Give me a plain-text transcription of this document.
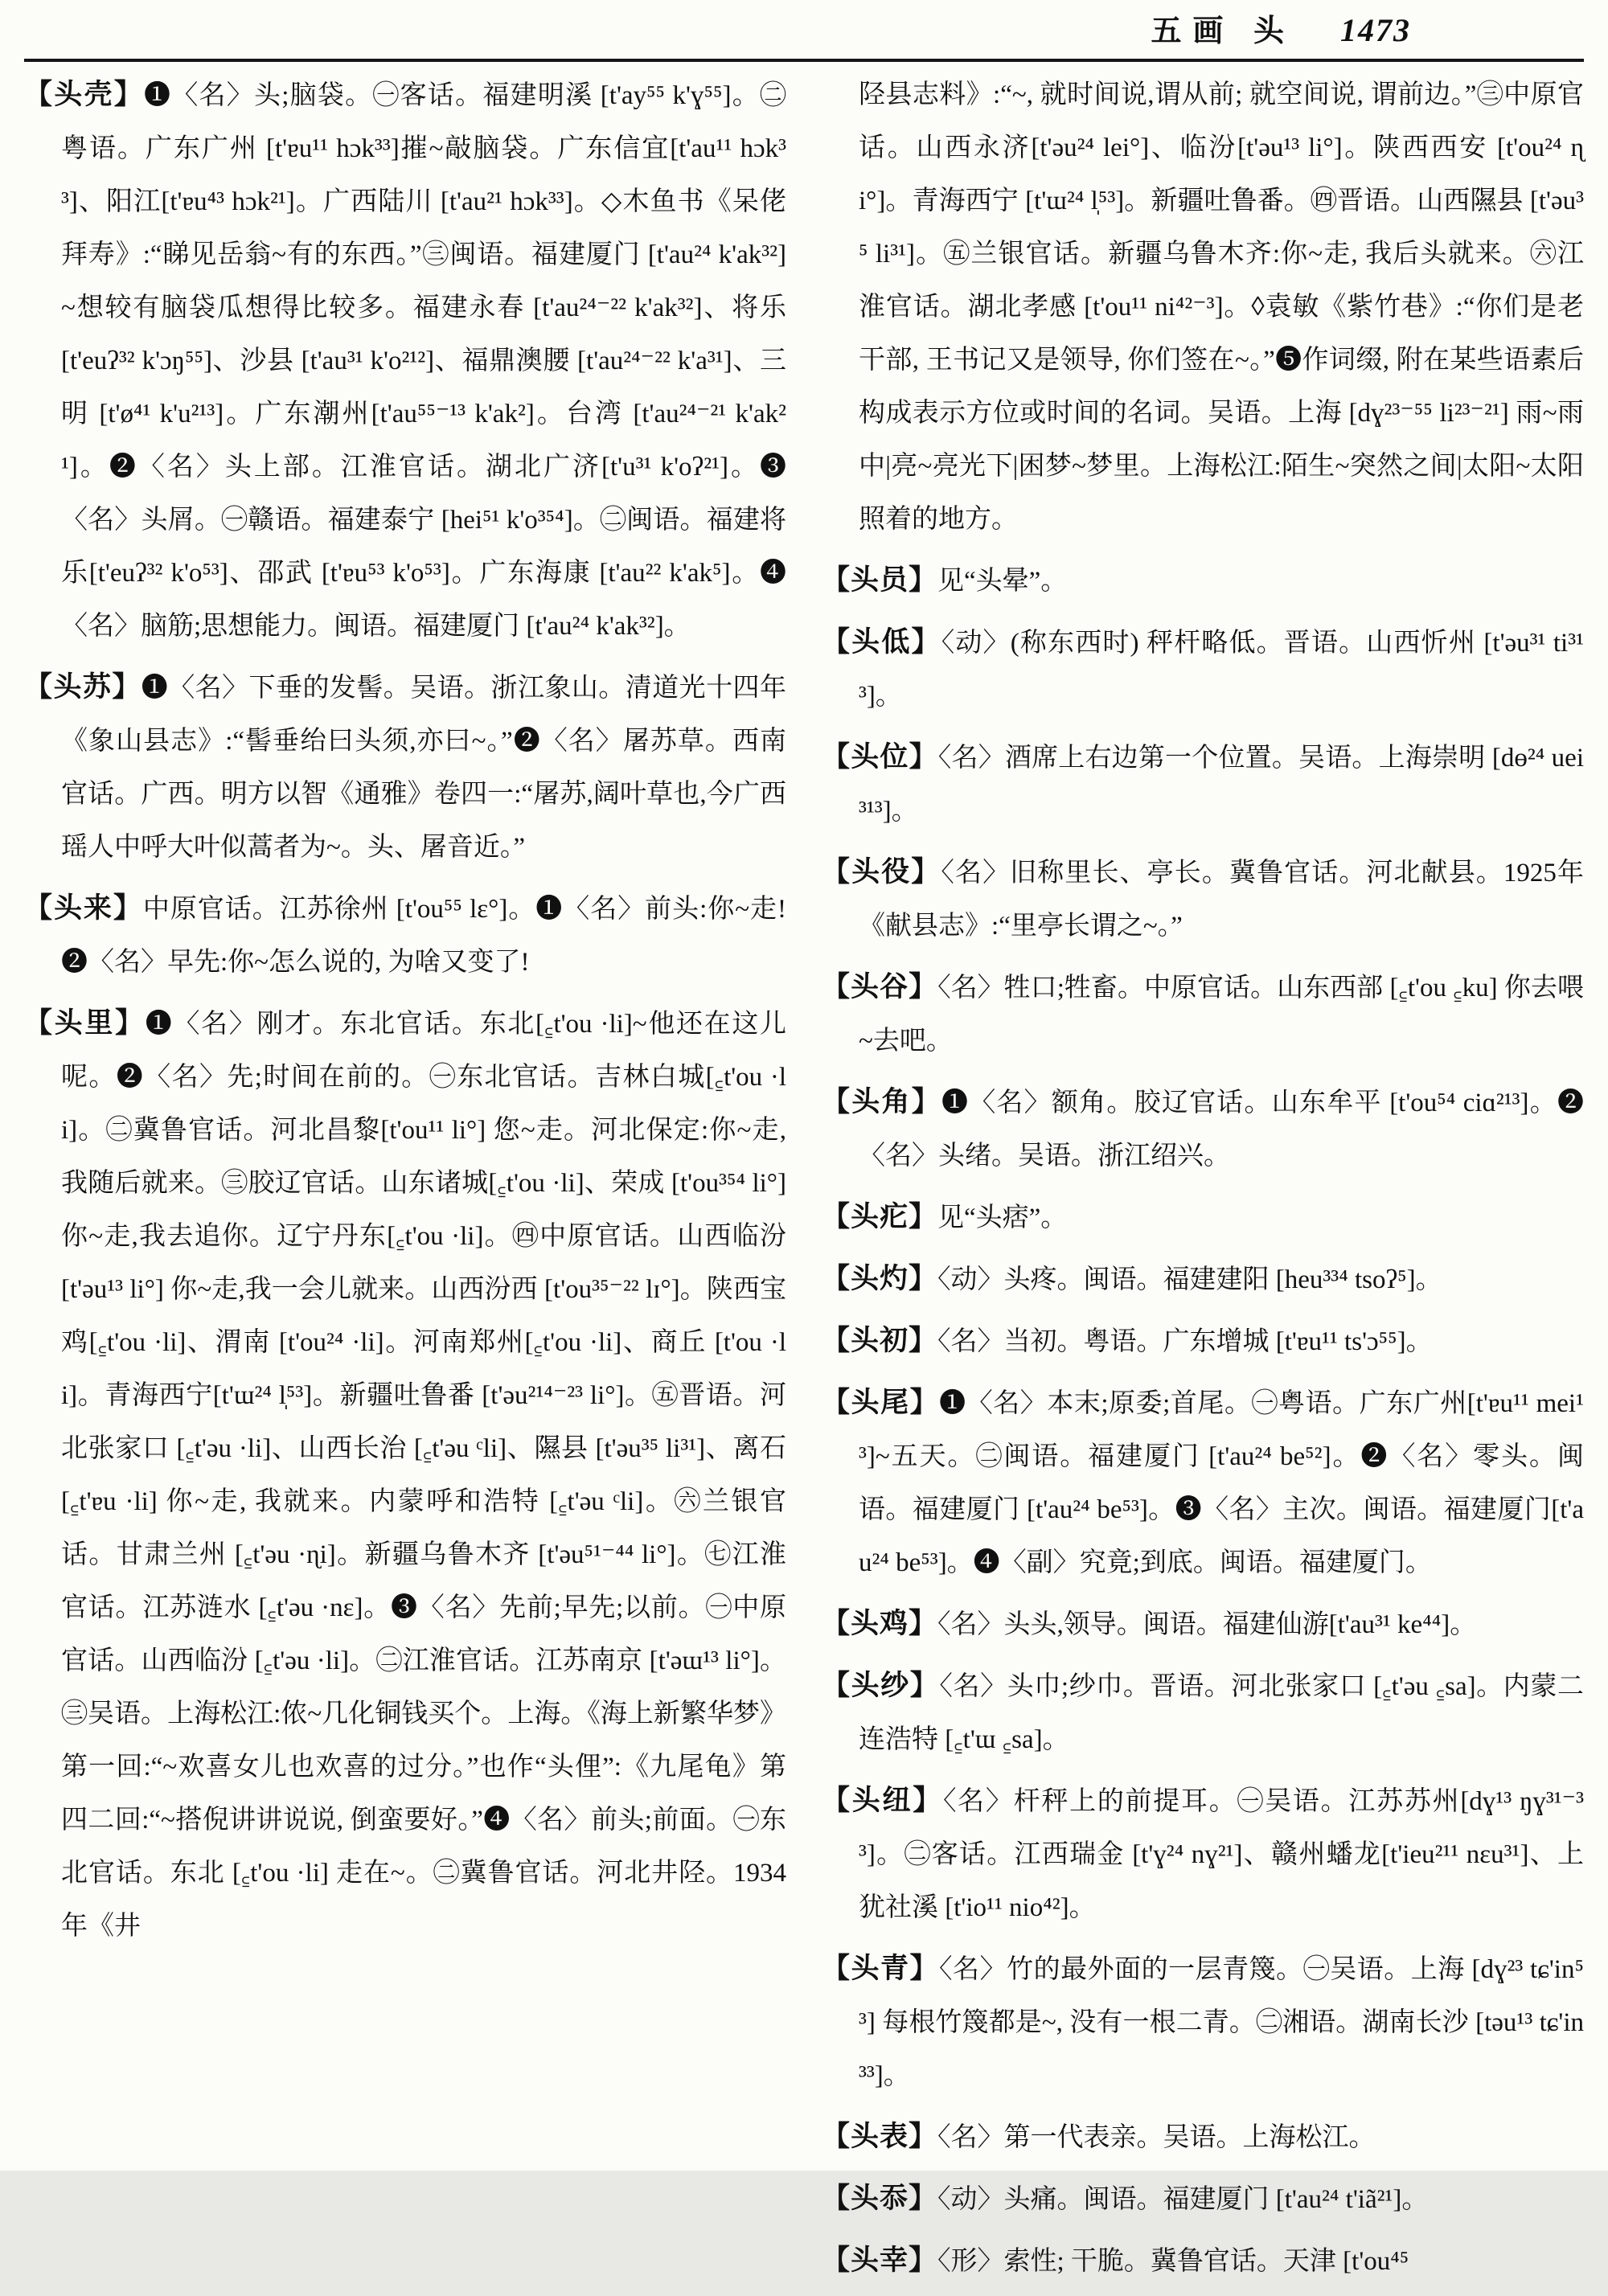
五画 头 1473

【头壳】❶〈名〉头;脑袋。㊀客话。福建明溪 [t'ay⁵⁵ k'ɣ⁵⁵]。㊁粤语。广东广州 [t'ɐu¹¹ hɔk³³]摧~敲脑袋。广东信宜[t'au¹¹ hɔk³³]、阳江[t'ɐu⁴³ hɔk²¹]。广西陆川 [t'au²¹ hɔk³³]。◇木鱼书《呆佬拜寿》:“睇见岳翁~有的东西。”㊂闽语。福建厦门 [t'au²⁴ k'ak³²] ~想较有脑袋瓜想得比较多。福建永春 [t'au²⁴⁻²² k'ak³²]、将乐 [t'euʔ³² k'ɔŋ⁵⁵]、沙县 [t'au³¹ k'o²¹²]、福鼎澳腰 [t'au²⁴⁻²² k'a³¹]、三明 [t'ø⁴¹ k'u²¹³]。广东潮州[t'au⁵⁵⁻¹³ k'ak²]。台湾 [t'au²⁴⁻²¹ k'ak²¹]。❷〈名〉头上部。江淮官话。湖北广济[t'u³¹ k'oʔ²¹]。❸〈名〉头屑。㊀赣语。福建泰宁 [hei⁵¹ k'o³⁵⁴]。㊁闽语。福建将乐[t'euʔ³² k'o⁵³]、邵武 [t'ɐu⁵³ k'o⁵³]。广东海康 [t'au²² k'ak⁵]。❹〈名〉脑筋;思想能力。闽语。福建厦门 [t'au²⁴ k'ak³²]。

【头苏】❶〈名〉下垂的发髻。吴语。浙江象山。清道光十四年《象山县志》:“髻垂绐曰头须,亦曰~。”❷〈名〉屠苏草。西南官话。广西。明方以智《通雅》卷四一:“屠苏,阔叶草也,今广西瑶人中呼大叶似蒿者为~。头、屠音近。”

【头来】中原官话。江苏徐州 [t'ou⁵⁵ lɛ°]。❶〈名〉前头:你~走! ❷〈名〉早先:你~怎么说的, 为啥又变了!

【头里】❶〈名〉刚才。东北官话。东北[꜁t'ou ·li]~他还在这儿呢。❷〈名〉先;时间在前的。㊀东北官话。吉林白城[꜁t'ou ·li]。㊁冀鲁官话。河北昌黎[t'ou¹¹ li°] 您~走。河北保定:你~走,我随后就来。㊂胶辽官话。山东诸城[꜁t'ou ·li]、荣成 [t'ou³⁵⁴ li°] 你~走,我去追你。辽宁丹东[꜁t'ou ·li]。㊃中原官话。山西临汾 [t'əu¹³ li°] 你~走,我一会儿就来。山西汾西 [t'ou³⁵⁻²² lɪ°]。陕西宝鸡[꜁t'ou ·li]、渭南 [t'ou²⁴ ·li]。河南郑州[꜁t'ou ·li]、商丘 [t'ou ·li]。青海西宁[t'ɯ²⁴ l̩⁵³]。新疆吐鲁番 [t'əu²¹⁴⁻²³ li°]。㊄晋语。河北张家口 [꜁t'əu ·li]、山西长治 [꜁t'əu ᶜli]、隰县 [t'əu³⁵ li³¹]、离石 [꜁t'ɐu ·li] 你~走, 我就来。内蒙呼和浩特 [꜁t'əu ᶜli]。㊅兰银官话。甘肃兰州 [꜁t'əu ·ɳi]。新疆乌鲁木齐 [t'əu⁵¹⁻⁴⁴ li°]。㊆江淮官话。江苏涟水 [꜁t'əu ·nɛ]。❸〈名〉先前;早先;以前。㊀中原官话。山西临汾 [꜁t'əu ·li]。㊁江淮官话。江苏南京 [t'əɯ¹³ li°]。㊂吴语。上海松江:侬~几化铜钱买个。上海。《海上新繁华梦》第一回:“~欢喜女儿也欢喜的过分。”也作“头俚”:《九尾龟》第四二回:“~搭倪讲讲说说, 倒蛮要好。”❹〈名〉前头;前面。㊀东北官话。东北 [꜁t'ou ·li] 走在~。㊁冀鲁官话。河北井陉。1934年《井

陉县志料》:“~, 就时间说,谓从前; 就空间说, 谓前边。”㊂中原官话。山西永济[t'əu²⁴ lei°]、临汾[t'əu¹³ li°]。陕西西安 [t'ou²⁴ ɳi°]。青海西宁 [t'ɯ²⁴ l̩⁵³]。新疆吐鲁番。㊃晋语。山西隰县 [t'əu³⁵ li³¹]。㊄兰银官话。新疆乌鲁木齐:你~走, 我后头就来。㊅江淮官话。湖北孝感 [t'ou¹¹ ni⁴²⁻³]。◊袁敏《紫竹巷》:“你们是老干部, 王书记又是领导, 你们签在~。”❺作词缀, 附在某些语素后构成表示方位或时间的名词。吴语。上海 [dɣ²³⁻⁵⁵ li²³⁻²¹] 雨~雨中|亮~亮光下|困梦~梦里。上海松江:陌生~突然之间|太阳~太阳照着的地方。

【头员】见“头晕”。

【头低】〈动〉(称东西时) 秤杆略低。晋语。山西忻州 [t'əu³¹ ti³¹³]。

【头位】〈名〉酒席上右边第一个位置。吴语。上海崇明 [dɵ²⁴ uei³¹³]。

【头役】〈名〉旧称里长、亭长。冀鲁官话。河北献县。1925年《献县志》:“里亭长谓之~。”

【头谷】〈名〉牲口;牲畜。中原官话。山东西部 [꜁t'ou ꜁ku] 你去喂~去吧。

【头角】❶〈名〉额角。胶辽官话。山东牟平 [t'ou⁵⁴ ciɑ²¹³]。❷〈名〉头绪。吴语。浙江绍兴。

【头疕】见“头痞”。

【头灼】〈动〉头疼。闽语。福建建阳 [heu³³⁴ tsoʔ⁵]。

【头初】〈名〉当初。粤语。广东增城 [t'ɐu¹¹ ts'ɔ⁵⁵]。

【头尾】❶〈名〉本末;原委;首尾。㊀粤语。广东广州[t'ɐu¹¹ mei¹³]~五天。㊁闽语。福建厦门 [t'au²⁴ be⁵²]。❷〈名〉零头。闽语。福建厦门 [t'au²⁴ be⁵³]。❸〈名〉主次。闽语。福建厦门[t'au²⁴ be⁵³]。❹〈副〉究竟;到底。闽语。福建厦门。

【头鸡】〈名〉头头,领导。闽语。福建仙游[t'au³¹ ke⁴⁴]。

【头纱】〈名〉头巾;纱巾。晋语。河北张家口 [꜁t'əu ꜁sa]。内蒙二连浩特 [꜁t'ɯ ꜁sa]。

【头纽】〈名〉杆秤上的前提耳。㊀吴语。江苏苏州[dɣ¹³ ŋɣ³¹⁻³³]。㊁客话。江西瑞金 [t'ɣ²⁴ nɣ²¹]、赣州蟠龙[t'ieu²¹¹ nɛu³¹]、上犹社溪 [t'io¹¹ nio⁴²]。

【头青】〈名〉竹的最外面的一层青篾。㊀吴语。上海 [dɣ²³ tɕ'in⁵³] 每根竹篾都是~, 没有一根二青。㊁湘语。湖南长沙 [təu¹³ tɕ'in³³]。

【头表】〈名〉第一代表亲。吴语。上海松江。

【头忝】〈动〉头痛。闽语。福建厦门 [t'au²⁴ t'iã²¹]。

【头幸】〈形〉索性; 干脆。冀鲁官话。天津 [t'ou⁴⁵
